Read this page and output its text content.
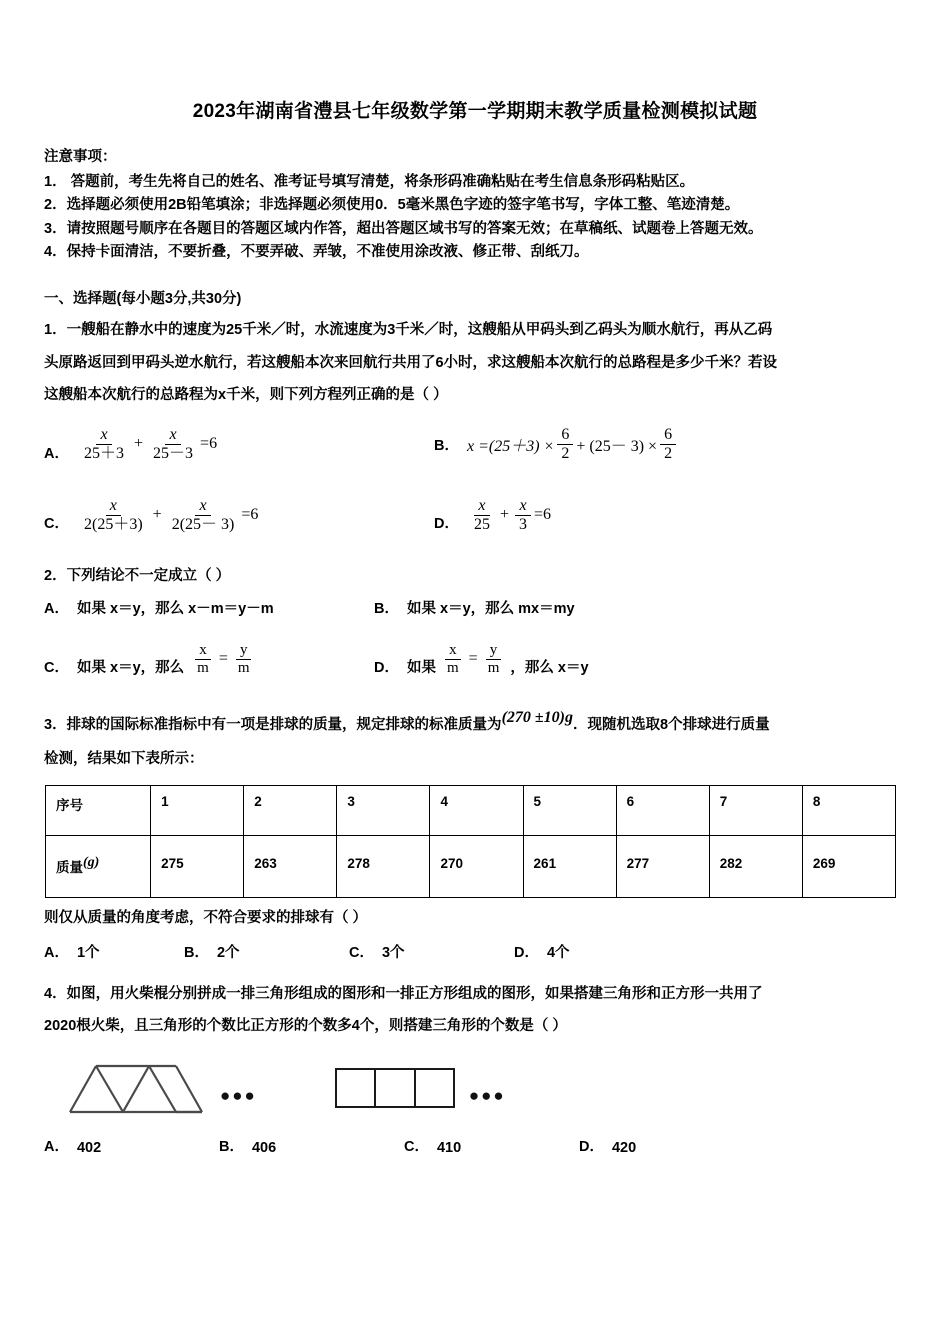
2023年湖南省澧县七年级数学第一学期期末教学质量检测模拟试题
注意事项：
1． 答题前，考生先将自己的姓名、准考证号填写清楚，将条形码准确粘贴在考生信息条形码粘贴区。
2．选择题必须使用2B铅笔填涂；非选择题必须使用0．5毫米黑色字迹的签字笔书写，字体工整、笔迹清楚。
3．请按照题号顺序在各题目的答题区域内作答，超出答题区域书写的答案无效；在草稿纸、试题卷上答题无效。
4．保持卡面清洁，不要折叠，不要弄破、弄皱，不准使用涂改液、修正带、刮纸刀。
一、选择题(每小题3分,共30分)
1．一艘船在静水中的速度为25千米／时，水流速度为3千米／时，这艘船从甲码头到乙码头为顺水航行，再从乙码
头原路返回到甲码头逆水航行，若这艘船本次来回航行共用了6小时，求这艘船本次航行的总路程是多少千米？若设
这艘船本次航行的总路程为x千米，则下列方程列正确的是（ ）
A． $\frac{x}{25+3} + \frac{x}{25-3} =6$	B． $x =(25+3) \times \frac{6}{2} + (25- 3) \times \frac{6}{2}$
C． $\frac{x}{2(25+3)} + \frac{x}{2(25- 3)} =6$
D． $\frac{x}{25} + \frac{x}{3} =6$
2．下列结论不一定成立（ ）
A． 如果 x＝y，那么 x－m＝y－m	B． 如果 x＝y，那么 mx＝my
C． 如果 x＝y，那么 $\frac{x}{m} = \frac{y}{m}$	D． 如果 $\frac{x}{m} = \frac{y}{m}$ ，那么 x＝y
3．排球的国际标准指标中有一项是排球的质量，规定排球的标准质量为(270 ±10)g．现随机选取8个排球进行质量
检测，结果如下表所示：
序号	1	2	3	4	5	6	7	8
质量(g)	275	263	278	270	261	277	282	269
则仅从质量的角度考虑，不符合要求的排球有（ ）
A． 1个	B． 2个	C． 3个	D． 4个
4．如图，用火柴棍分别拼成一排三角形组成的图形和一排正方形组成的图形，如果搭建三角形和正方形一共用了
2020根火柴，且三角形的个数比正方形的个数多4个，则搭建三角形的个数是（ ）
●●●	●●●
A． 402	B． 406	C． 410	D． 420
